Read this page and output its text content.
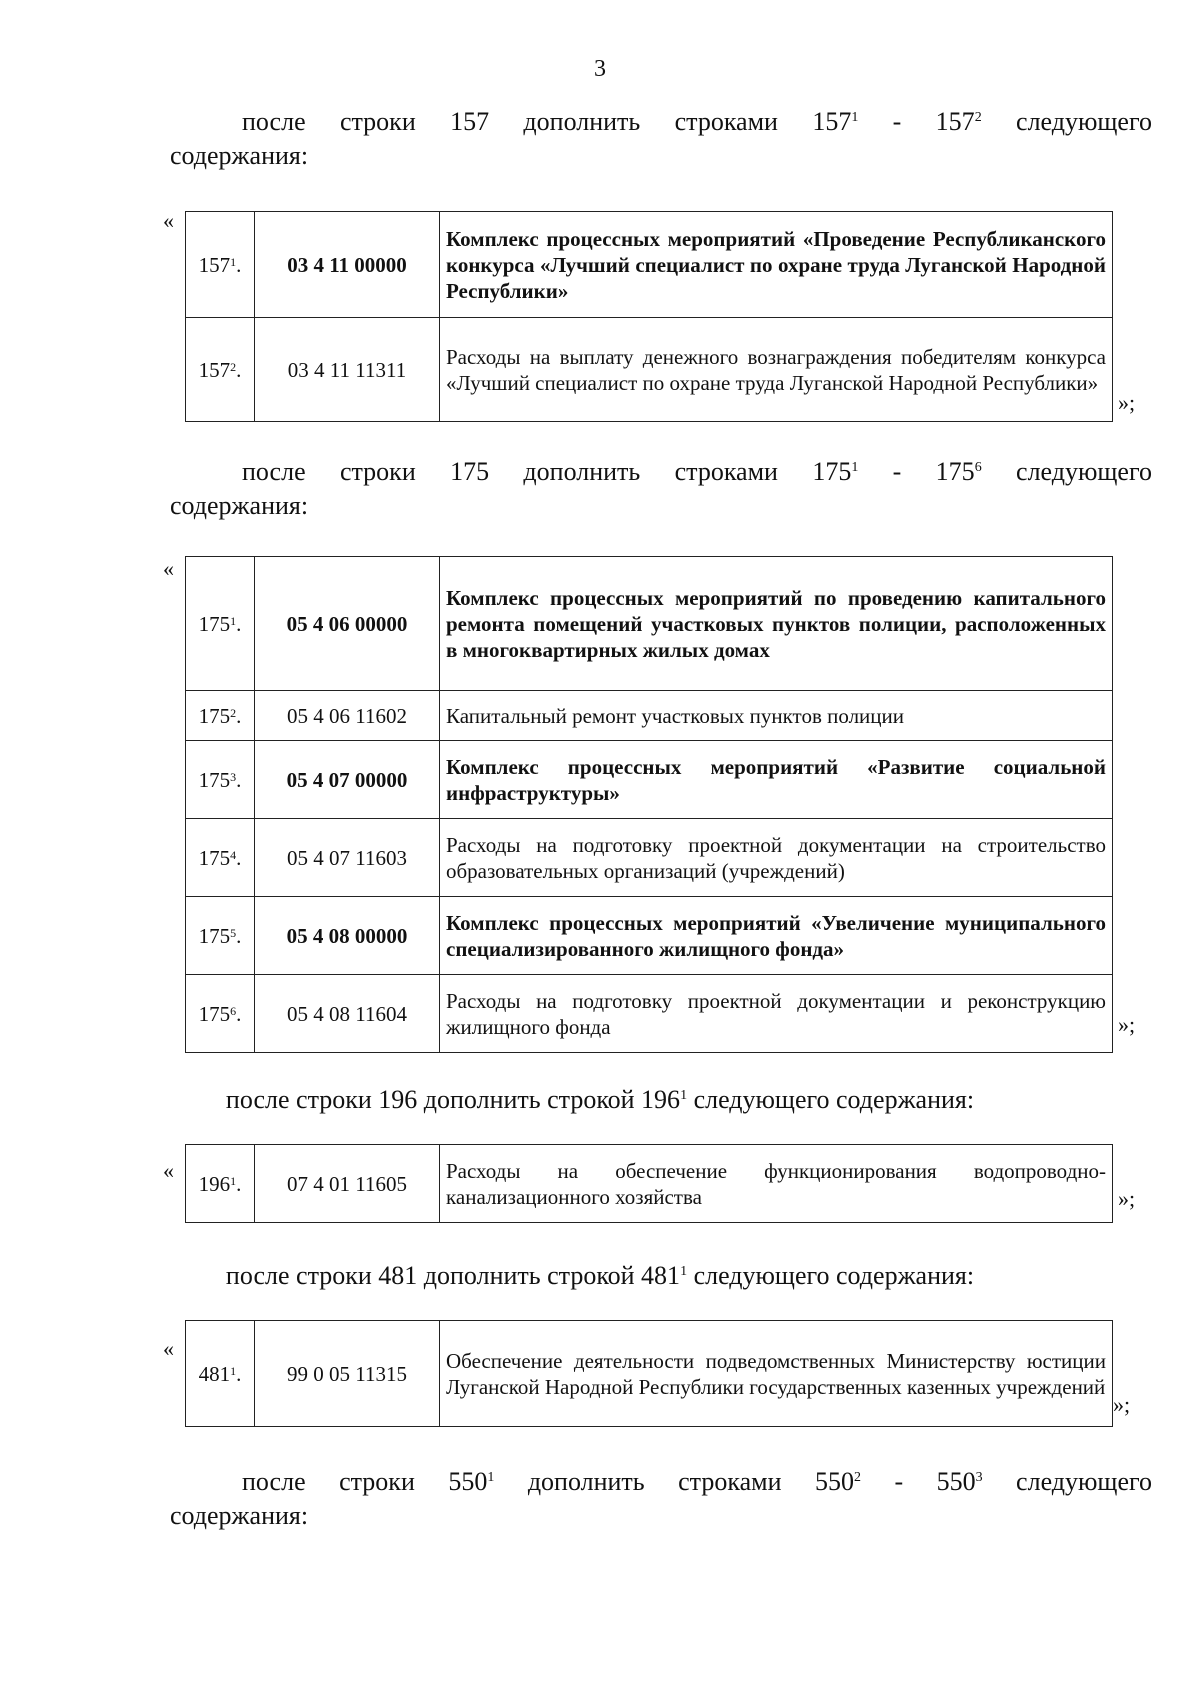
3
после строки 157 дополнить строками $157^1 - 157^2$ следующего
содержания:
«
$157^1$.	03 4 11 00000	Комплекс процессных мероприятий «Проведение Республиканского конкурса «Лучший специалист по охране труда Луганской Народной Республики»
$157^2$.	03 4 11 11311	Расходы на выплату денежного вознаграждения победителям конкурса «Лучший специалист по охране труда Луганской Народной Республики»
»;
после строки 175 дополнить строками $175^1 - 175^6$ следующего
содержания:
«
$175^1$.	05 4 06 00000	Комплекс процессных мероприятий по проведению капитального ремонта помещений участковых пунктов полиции, расположенных в многоквартирных жилых домах
$175^2$.	05 4 06 11602	Капитальный ремонт участковых пунктов полиции
$175^3$.	05 4 07 00000	Комплекс процессных мероприятий «Развитие социальной инфраструктуры»
$175^4$.	05 4 07 11603	Расходы на подготовку проектной документации на строительство образовательных организаций (учреждений)
$175^5$.	05 4 08 00000	Комплекс процессных мероприятий «Увеличение муниципального специализированного жилищного фонда»
$175^6$.	05 4 08 11604	Расходы на подготовку проектной документации и реконструкцию жилищного фонда	»;
после строки 196 дополнить строкой $196^1$ следующего содержания:
«
$196^1$.	07 4 01 11605	Расходы на обеспечение функционирования водопроводно-канализационного хозяйства	»;
после строки 481 дополнить строкой $481^1$ следующего содержания:
«
$481^1$.	99 0 05 11315	Обеспечение деятельности подведомственных Министерству юстиции Луганской Народной Республики государственных казенных учреждений
»;
после строки $550^1$ дополнить строками $550^2 - 550^3$ следующего
содержания:
